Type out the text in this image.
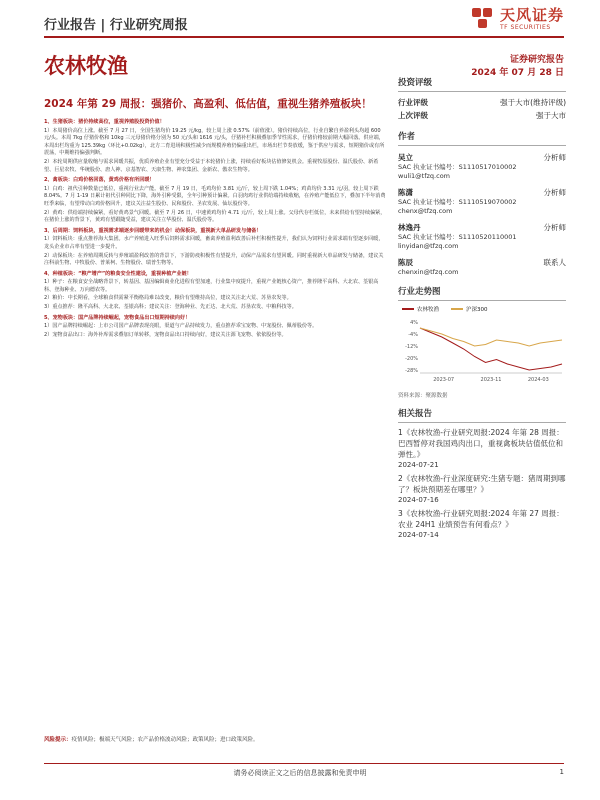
行业报告 | 行业研究周报
天风证券
TF SECURITIES
农林牧渔	证券研究报告
2024 年 07 月 28 日
2024 年第 29 周报：强猪价、高盈利、低估值，重视生猪养殖板块！
1、生猪板块：猪价持续高位，重视养殖股投资价值！
1）本周猪价高位上涨。截至 7 月 27 日，全国生猪均价 19.25 元/kg，较上周上涨 0.57%（前值涨）。猪价持续高位，行业自繁自养盈利头均超 600 元/头。本周 7kg 仔猪价格和 10kg 三元母猪价格分别为 50 元/头和 1616 元/头，仔猪补栏积极叠加季节性需求，仔猪价格较前期大幅回落。供应端，本周出栏均重为 125.39kg（环比+0.02kg），北方二育进场积极性减少而规模养殖仍偏重出栏，市场出栏节奏放缓，鉴于供应与需求，短期猪价或有所震荡，中期维持偏强判断。
2）本轮周期供应量收缩与需求回暖共振，优质养殖企业有望充分受益于本轮猪价上涨，持续看好板块估值修复机会。重视牧原股份、温氏股份、新希望、巨星农牧、华统股份、唐人神、京基智农、天康生物、神农集团、金新农、傲农生物等。
2、禽板块：白鸡价格回落，黄鸡价格有所回暖！
1）白鸡：祖代引种数量已低位，重视行业去产能。截至 7 月 19 日，毛鸡均价 3.81 元/斤，较上周下跌 1.04%；鸡苗均价 3.31 元/羽，较上周下跌 8.04%。7 月 1-19 日累计祖代引种同比下降，海外引种受限，全年引种预计偏紧。白羽肉鸡行业供给端持续收缩，在养殖产能低位下，叠加下半年消费旺季来临，有望带动白鸡价格回升，建议关注益生股份、民和股份、圣农发展、仙坛股份等。
2）黄鸡：供给端持续偏紧，看好黄鸡景气回暖。截至 7 月 26 日，中速黄鸡均价 4.71 元/斤，较上周上涨。父母代存栏低位，未来供给有望持续偏紧，在猪价上涨的背景下，黄鸡有望跟随受益，建议关注立华股份、温氏股份等。
3、后周期：饲料板块，重视需求端逐步回暖带来的机会！动保板块，重视新大单品研发与储备！
1）饲料板块：重点推荐海大集团。水产养殖进入旺季后饲料需求回暖，畜禽养殖盈利改善后补栏积极性提升，我们认为饲料行业需求端有望逐步回暖，龙头企业市占率有望进一步提升。
2）动保板块：在养殖周期反转与养殖端盈利改善的背景下，下游防疫积极性有望提升，动保产品需求有望回暖。同时重视新大单品研发与储备，建议关注科前生物、中牧股份、普莱柯、生物股份、瑞普生物等。
4、种植板块：“粮产增产”的粮食安全性建设，重视种植产业链！
1）种子：在粮食安全战略背景下，转基因、基因编辑商业化进程有望加速，行业集中度提升，重视产业链核心资产，推荐隆平高科、大北农、荃银高科、登海种业、万向德农等。
2）粮价：中长期看，全球粮食供需紧平衡格局难以改变，粮价有望维持高位，建议关注北大荒、苏垦农发等。
3）重点推荐：隆平高科、大北农、荃银高科；建议关注：登海种业、先正达、北大荒、苏垦农发、中粮科技等。
5、宠物板块：国产品牌持续崛起，宠物食品出口短期持续向好！
1）国产品牌持续崛起：上市公司国产品牌表现亮眼，渠道与产品持续发力，重点推荐乖宝宠物、中宠股份、佩蒂股份等。
2）宠物食品出口：海外补库需求叠加订单转移，宠物食品出口持续向好，建议关注源飞宠物、依依股份等。
风险提示：疫情风险；极端天气风险；农产品价格波动风险；政策风险；进口政策风险。
投资评级
行业评级	强于大市(维持评级)
上次评级	强于大市
作者
吴立	分析师
SAC 执业证书编号：S1110517010002
wuli1@tfzq.com
陈潇	分析师
SAC 执业证书编号：S1110519070002
chenx@tfzq.com
林逸丹	分析师
SAC 执业证书编号：S1110520110001
linyidan@tfzq.com
陈辰	联系人
chenxin@tfzq.com
行业走势图
农林牧渔	沪深300
4%
-4%
-12%
-20%
-28%
2023-07	2023-11	2024-03
资料来源：聚源数据
相关报告
1《农林牧渔-行业研究周报:2024 年第 28 周报：巴西暂停对我国鸡肉出口，重视禽板块估值低位和弹性。》
2024-07-21
2《农林牧渔-行业深度研究:生猪专题：猪周期到哪了？板块预期差在哪里？》
2024-07-16
3《农林牧渔-行业研究周报:2024 年第 27 周报：农业 24H1 业绩预告有何看点？》
2024-07-14
请务必阅读正文之后的信息披露和免责申明	1
